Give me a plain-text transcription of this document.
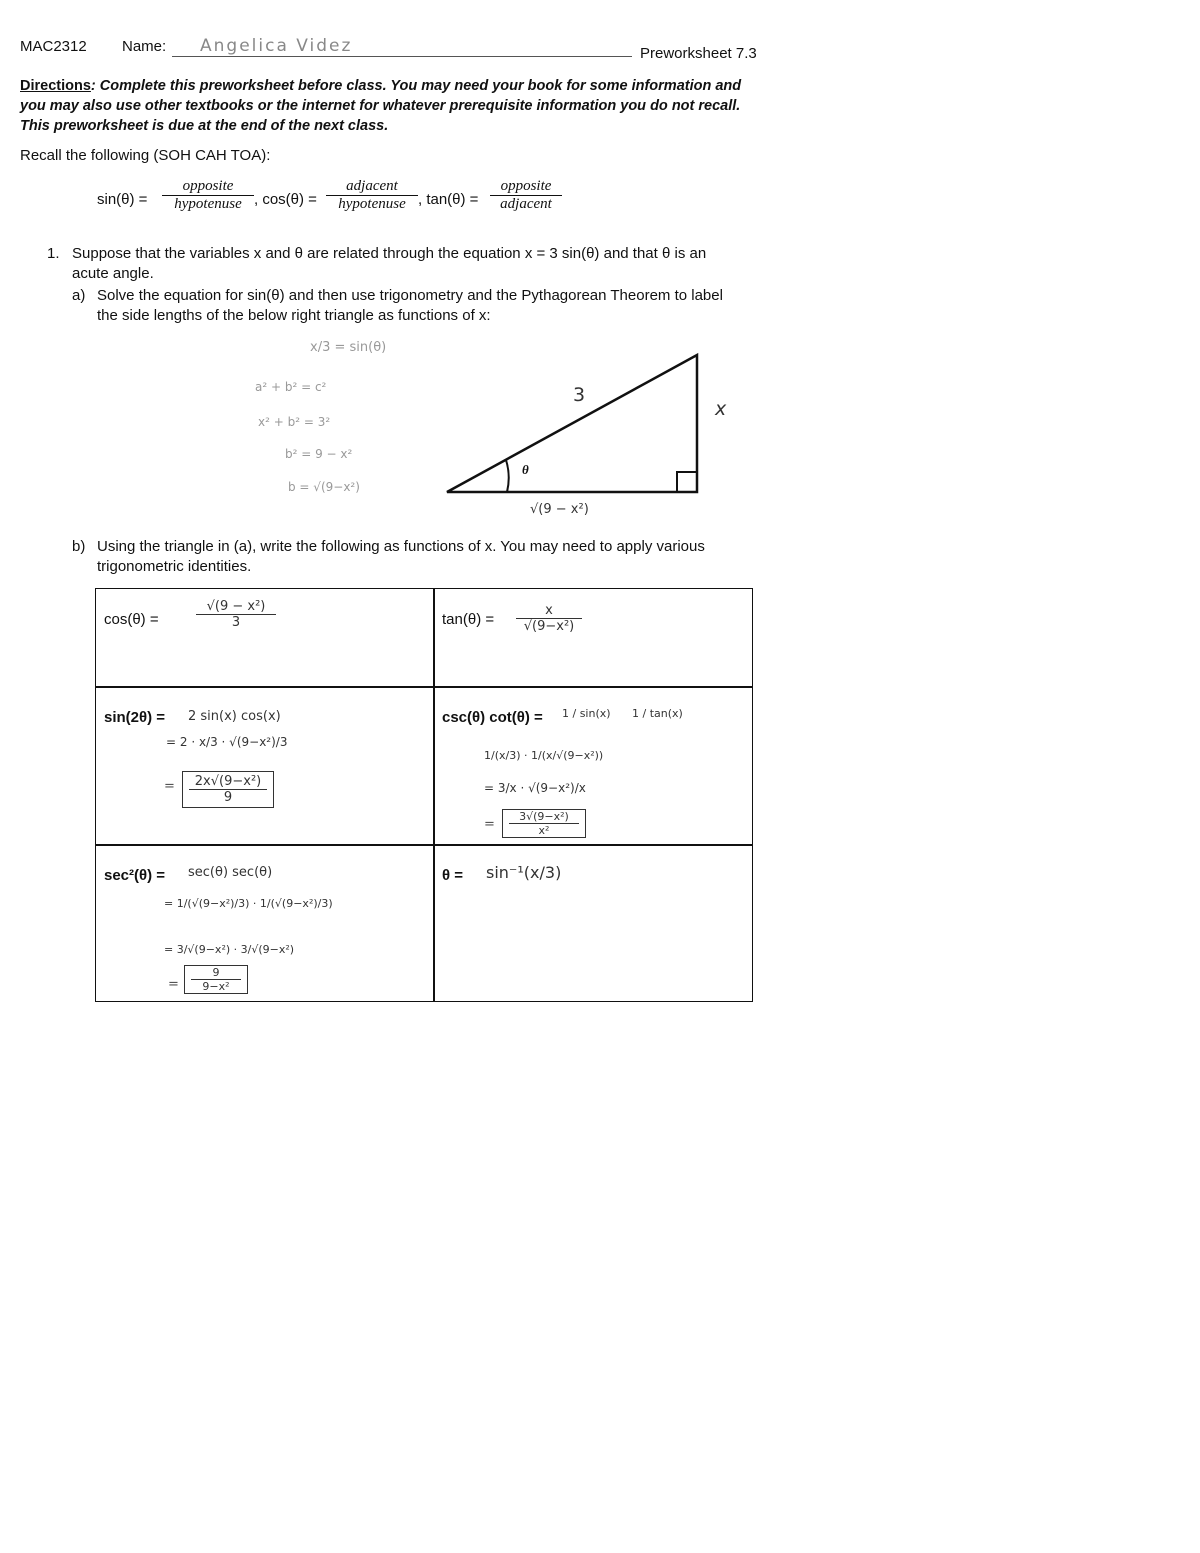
MAC2312 Name: Angelica Videz	Preworksheet 7.3
Directions: Complete this preworksheet before class. You may need your book for some information and
you may also use other textbooks or the internet for whatever prerequisite information you do not recall.
This preworksheet is due at the end of the next class.
Recall the following (SOH CAH TOA):
sin(θ) =
opposite
hypotenuse , cos(θ) =
adjacent
hypotenuse , tan(θ) =
opposite
adjacent
1. Suppose that the variables x and θ are related through the equation x = 3 sin(θ) and that θ is an
acute angle.
a) Solve the equation for sin(θ) and then use trigonometry and the Pythagorean Theorem to label
the side lengths of the below right triangle as functions of x:
x/3 = sin(θ)
a² + b² = c²
x² + b² = 3²
b² = 9 − x²
b = √(9−x²)
3
x
θ
√(9 − x²)
b) Using the triangle in (a), write the following as functions of x. You may need to apply various
trigonometric identities.
cos(θ) =	$\frac{\text{√(9 − x²)}}{3}$	$\tan(\theta) = \frac{x}{\text{√(9−x²)}}$
sin(2θ) = 2 sin(x) cos(x)
= 2 · x/3 · √(9−x²)/3
= $\frac{\text{2x√(9−x²)}}{9}$
csc(θ) cot(θ) = 1 / sin(x) 1 / tan(x)
1/(x/3) · 1/(x/√(9−x²))
= 3/x · √(9−x²)/x
= $\frac{\text{3√(9−x²)}}{\text{x²}}$
sec²(θ) = sec(θ) sec(θ)
= 1/(√(9−x²)/3) · 1/(√(9−x²)/3)
= 3/√(9−x²) · 3/√(9−x²)
= $\frac{9}{\text{9−x²}}$
θ = sin⁻¹(x/3)
